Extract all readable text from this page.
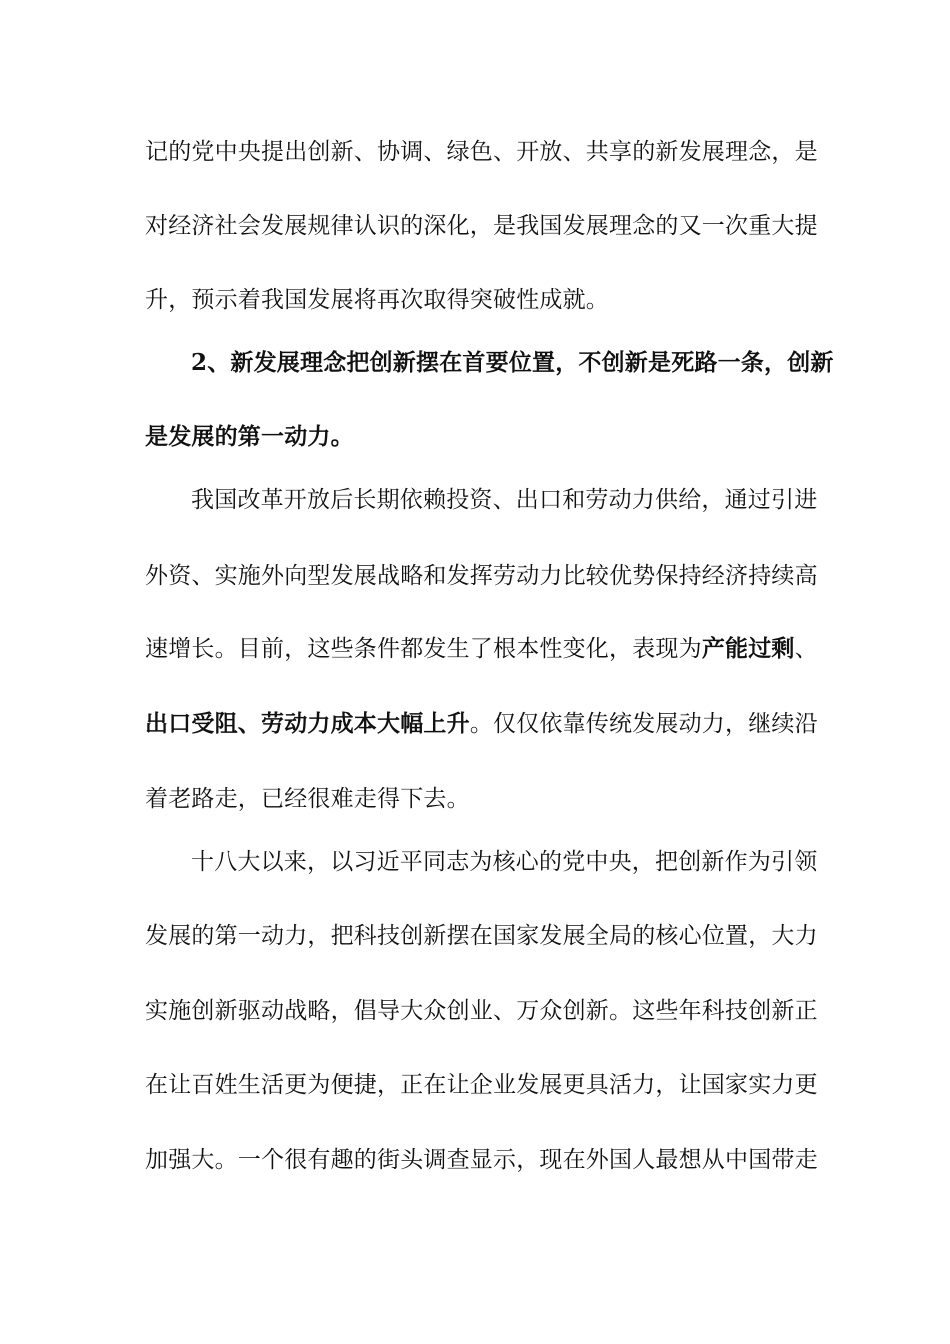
记的党中央提出创新、协调、绿色、开放、共享的新发展理念，是
对经济社会发展规律认识的深化，是我国发展理念的又一次重大提
升，预示着我国发展将再次取得突破性成就。
2、新发展理念把创新摆在首要位置，不创新是死路一条，创新
是发展的第一动力。
我国改革开放后长期依赖投资、出口和劳动力供给，通过引进
外资、实施外向型发展战略和发挥劳动力比较优势保持经济持续高
速增长。目前，这些条件都发生了根本性变化，表现为产能过剩、
出口受阻、劳动力成本大幅上升。仅仅依靠传统发展动力，继续沿
着老路走，已经很难走得下去。
十八大以来，以习近平同志为核心的党中央，把创新作为引领
发展的第一动力，把科技创新摆在国家发展全局的核心位置，大力
实施创新驱动战略，倡导大众创业、万众创新。这些年科技创新正
在让百姓生活更为便捷，正在让企业发展更具活力，让国家实力更
加强大。一个很有趣的街头调查显示，现在外国人最想从中国带走
